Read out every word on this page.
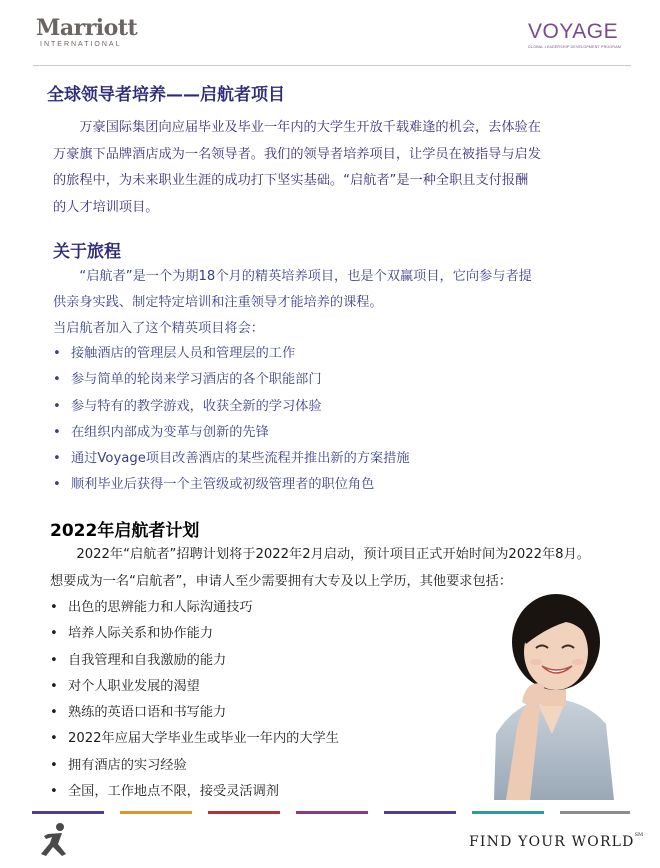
Marriott
INTERNATIONAL
VOYAGE
GLOBAL LEADERSHIP DEVELOPMENT PROGRAM
全球领导者培养——启航者项目
　　万豪国际集团向应届毕业及毕业一年内的大学生开放千载难逢的机会，去体验在
万豪旗下品牌酒店成为一名领导者。我们的领导者培养项目，让学员在被指导与启发
的旅程中，为未来职业生涯的成功打下坚实基础。“启航者”是一种全职且支付报酬
的人才培训项目。
关于旅程
　　“启航者”是一个为期18个月的精英培养项目，也是个双赢项目，它向参与者提
供亲身实践、制定特定培训和注重领导才能培养的课程。
当启航者加入了这个精英项目将会：
• 接触酒店的管理层人员和管理层的工作
• 参与简单的轮岗来学习酒店的各个职能部门
• 参与特有的教学游戏，收获全新的学习体验
• 在组织内部成为变革与创新的先锋
• 通过Voyage项目改善酒店的某些流程并推出新的方案措施
• 顺利毕业后获得一个主管级或初级管理者的职位角色
2022年启航者计划
　　2022年“启航者”招聘计划将于2022年2月启动，预计项目正式开始时间为2022年8月。
想要成为一名“启航者”，申请人至少需要拥有大专及以上学历，其他要求包括：
• 出色的思辨能力和人际沟通技巧
• 培养人际关系和协作能力
• 自我管理和自我激励的能力
• 对个人职业发展的渴望
• 熟练的英语口语和书写能力
• 2022年应届大学毕业生或毕业一年内的大学生
• 拥有酒店的实习经验
• 全国，工作地点不限，接受灵活调剂
FIND YOUR WORLD℠
